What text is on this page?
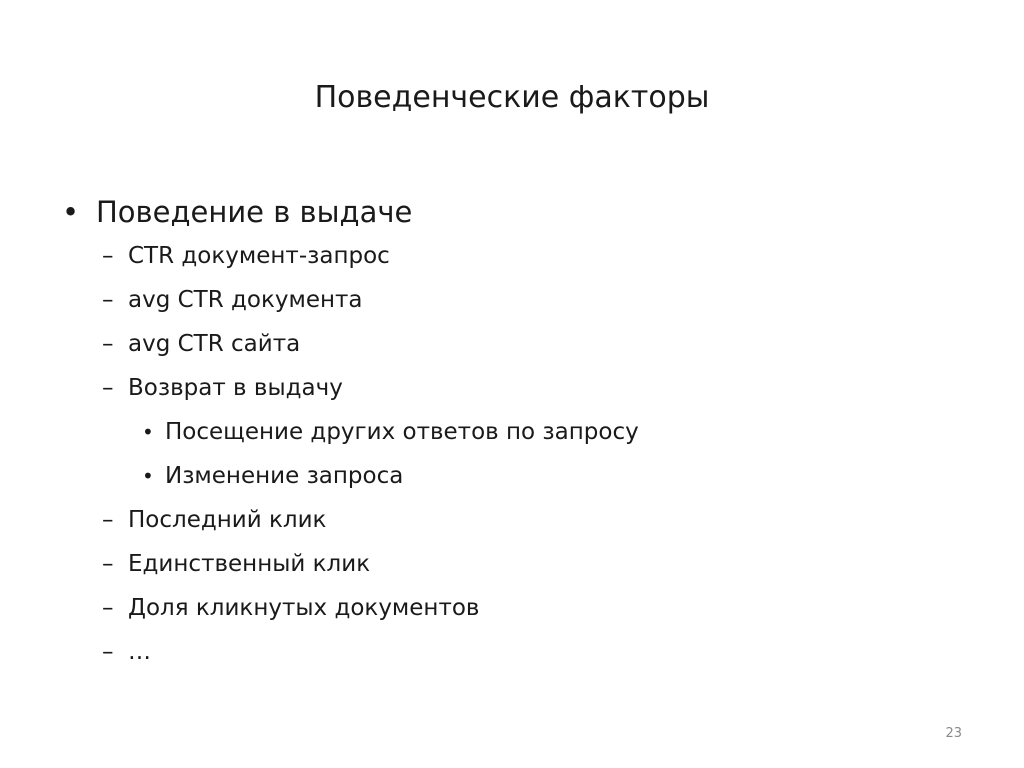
Поведенческие факторы
• Поведение в выдаче
– CTR документ-запрос
– avg CTR документа
– avg CTR сайта
– Возврат в выдачу
• Посещение других ответов по запросу
• Изменение запроса
– Последний клик
– Единственный клик
– Доля кликнутых документов
– …
23
